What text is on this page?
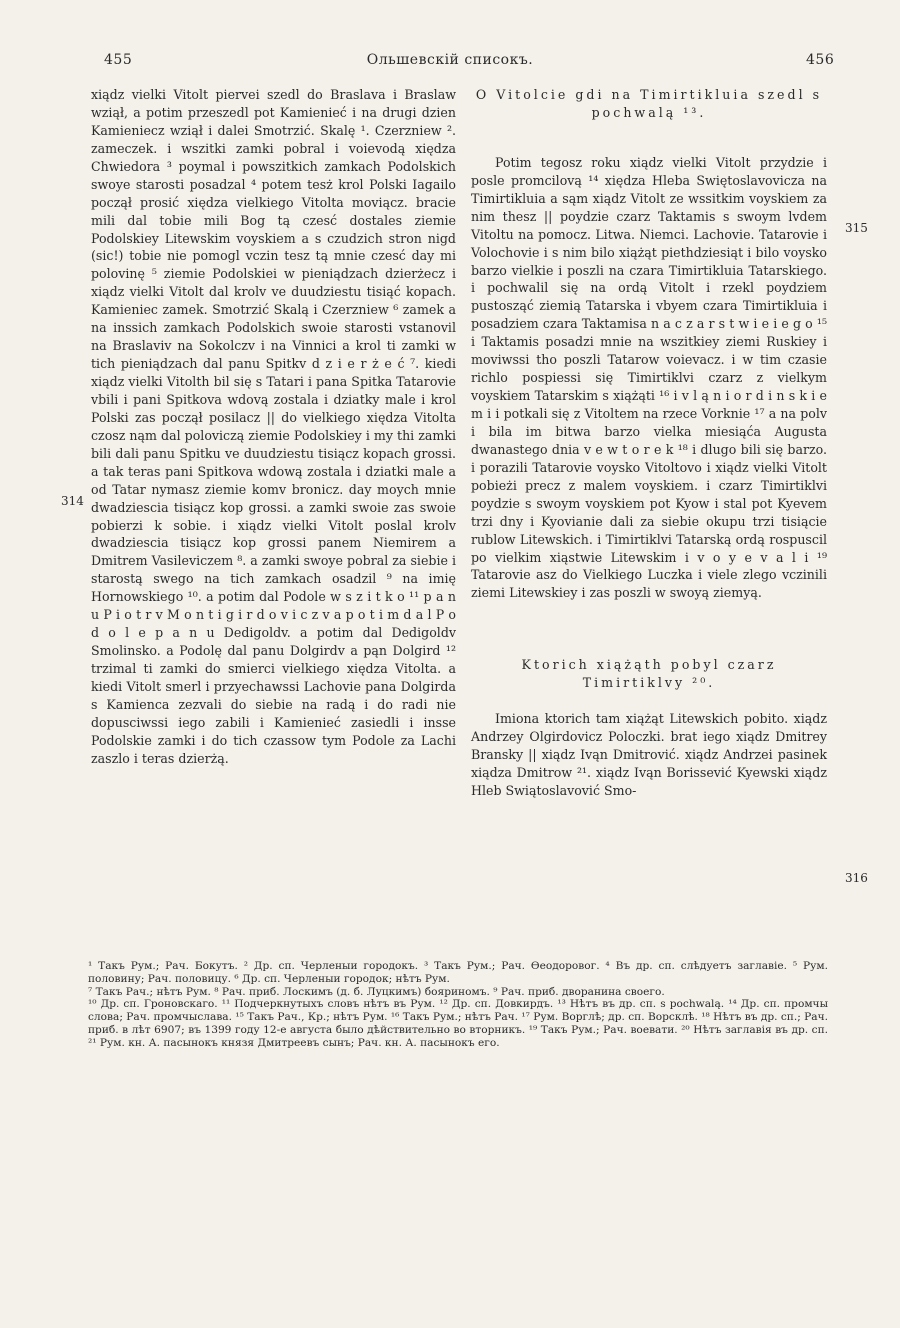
455	Ольшевскій списокъ.	456

xiądz vielki Vitolt piervei szedl do Braslava i Braslaw wziął, a potim przeszedl pot Kamienieć i na drugi dzien Kamieniecz wziął i dalei Smotrzić. Skalę ¹. Czerzniew ². zameczek. i wszitki zamki pobral i voievodą xiędza Chwiedora ³ poymal i powszitkich zamkach Podolskich swoye starosti posadzal ⁴ potem tesż krol Polski Iagailo począł prosić xiędza vielkiego Vitolta moviącz. bracie mili dal tobie mili Bog tą czesć dostales ziemie Podolskiey Litewskim voyskiem a s czudzich stron nigd (sic!) tobie nie pomogl vczin tesz tą mnie czesć day mi polovinę ⁵ ziemie Podolskiei w pieniądzach dzierżecz i xiądz vielki Vitolt dal krolv ve duudziestu tisiąć kopach. Kamieniec zamek. Smotrzić Skalą i Czerzniew ⁶ zamek a na inssich zamkach Podolskich swoie starosti vstanovil na Braslaviv na Sokolczv i na Vinnici a krol ti zamki w tich pieniądzach dal panu Spitkv d z i e r ż e ć ⁷. kiedi xiądz vielki Vitolth bil się s Tatari i pana Spitka Tatarovie vbili i pani Spitkova wdovą zostala i dziatky male i krol Polski zas począł posilacz || do vielkiego xiędza Vitolta czosz nąm dal poloviczą ziemie Podolskiey i my thi zamki bili dali panu Spitku ve duudziestu tisiącz kopach grossi. a tak teras pani Spitkova wdową zostala i dziatki male a od Tatar nymasz ziemie komv bronicz. day moych mnie dwadziescia tisiącz kop grossi. a zamki swoie zas swoie pobierzi k sobie. i xiądz vielki Vitolt poslal krolv dwadziesciа tisiącz kop grossi panem Niemirem a Dmitrem Vasileviczem ⁸. a zamki swoye pobral za siebie i starostą swego na tich zamkach osadzil ⁹ na imię Hornowskiego ¹⁰. a potim dal Podole w s z i t k o ¹¹ p a n u P i o t r v M o n t i g i r d o v i c z v a p o t i m d a l P o d o l e p a n u Dedigoldv. a potim dal Dedigoldv Smolinsko. a Podolę dal panu Dolgirdv a pąn Dolgird ¹² trzimal ti zamki do smierci vielkiego xiędza Vitolta. a kiedi Vitolt smerl i przyechawssi Lachovie pana Dolgirda s Kamienca zezvali do siebie na radą i do radi nie dopusciwssi iego zabili i Kamienieć zasiedli i insse Podolskie zamki i do tich czassow tym Podole za Lachi zaszlo i teras dzierżą.

314
315
316

O Vitolcie gdi na Timirtikluia szedl s pochwalą ¹³.

Potim tegosz roku xiądz vielki Vitolt przydzie i posle promcilovą ¹⁴ xiędza Hleba Swiętoslavovicza na Timirtikluia a sąm xiądz Vitolt ze wssitkim voyskiem za nim thesz || poydzie czarz Taktamis s swoym lvdem Vitoltu na pomocz. Litwa. Niemci. Lachovie. Tatarovie i Volochovie i s nim bilo xiążąt piethdziesiąt i bilo voysko barzo vielkie i poszli na czara Timirtikluia Tatarskiego. i pochwalil się na ordą Vitolt i rzekl poydziem pustosząć ziemią Tatarska i vbyem czara Timirtikluia i posadziem czara Taktamisa n a c z a r s t w i e i e g o ¹⁵ i Taktamis posadzi mnie na wszitkiey ziemi Ruskiey i moviwssi tho poszli Tatarow voievacz. i w tim czasie richlo pospiessi się Timirtiklvi czarz z vielkym voyskiem Tatarskim s xiążąti ¹⁶ i v l ą n i o r d i n s k i e m i i potkali się z Vitoltem na rzece Vorknie ¹⁷ a na polv i bila im bitwa barzo vielka miesiąća Augusta dwanastego dnia v e w t o r e k ¹⁸ i dlugo bili się barzo. i porazili Tatarovie voysko Vitoltovo i xiądz vielki Vitolt pobieżi precz z malem voyskiem. i czarz Timirtiklvi poydzie s swoym voyskiem pot Kyow i stal pot Kyevem trzi dny i Kyovianie dali za siebie okupu trzi tisiącie rublow Litewskich. i Timirtiklvi Tatarską ordą rospuscil po vielkim xiąstwie Litewskim i v o y e v a l i ¹⁹ Tatarovie asz do Vielkiego Luczka i viele zlego vczinili ziemi Litewskiey i zas poszli w swoyą ziemyą.

Ktorich xiążąth pobyl czarz Timirtiklvy ²⁰.

Imiona ktorich tam xiążąt Litewskich pobito. xiądz Andrzey Olgirdovicz Poloczki. brat iego xiądz Dmitrey Bransky || xiądz Ivąn Dmitrović. xiądz Andrzei pasinek xiądza Dmitrow ²¹. xiądz Ivąn Borissević Kyewski xiądz Hleb Swiątoslavović Smo-

¹ Такъ Рум.; Рач. Бокутъ. ² Др. сп. Черленыи городокъ. ³ Такъ Рум.; Рач. Өеодоровог. ⁴ Въ др. сп. слѣдуетъ заглавіе. ⁵ Рум. половину; Рач. половицу. ⁶ Др. сп. Черленыи городок; нѣтъ Рум.

⁷ Такъ Рач.; нѣтъ Рум. ⁸ Рач. приб. Лоскимъ (д. б. Луцкимъ) бояриномъ. ⁹ Рач. приб. дворанина своего.

¹⁰ Др. сп. Гроновскаго. ¹¹ Подчеркнутыхъ словъ нѣтъ въ Рум. ¹² Др. сп. Довкирдъ. ¹³ Нѣтъ въ др. сп. s pochwalą. ¹⁴ Др. сп. промчы слова; Рач. промчыслава. ¹⁵ Такъ Рач., Кр.; нѣтъ Рум. ¹⁶ Такъ Рум.; нѣтъ Рач. ¹⁷ Рум. Ворглѣ; др. сп. Ворсклѣ. ¹⁸ Нѣтъ въ др. сп.; Рач. приб. в лѣт 6907; въ 1399 году 12-е августа было дѣйствительно во вторникъ. ¹⁹ Такъ Рум.; Рач. воевати. ²⁰ Нѣтъ заглавія въ др. сп. ²¹ Рум. кн. А. пасынокъ князя Дмитреевъ сынъ; Рач. кн. А. пасынокъ его.
